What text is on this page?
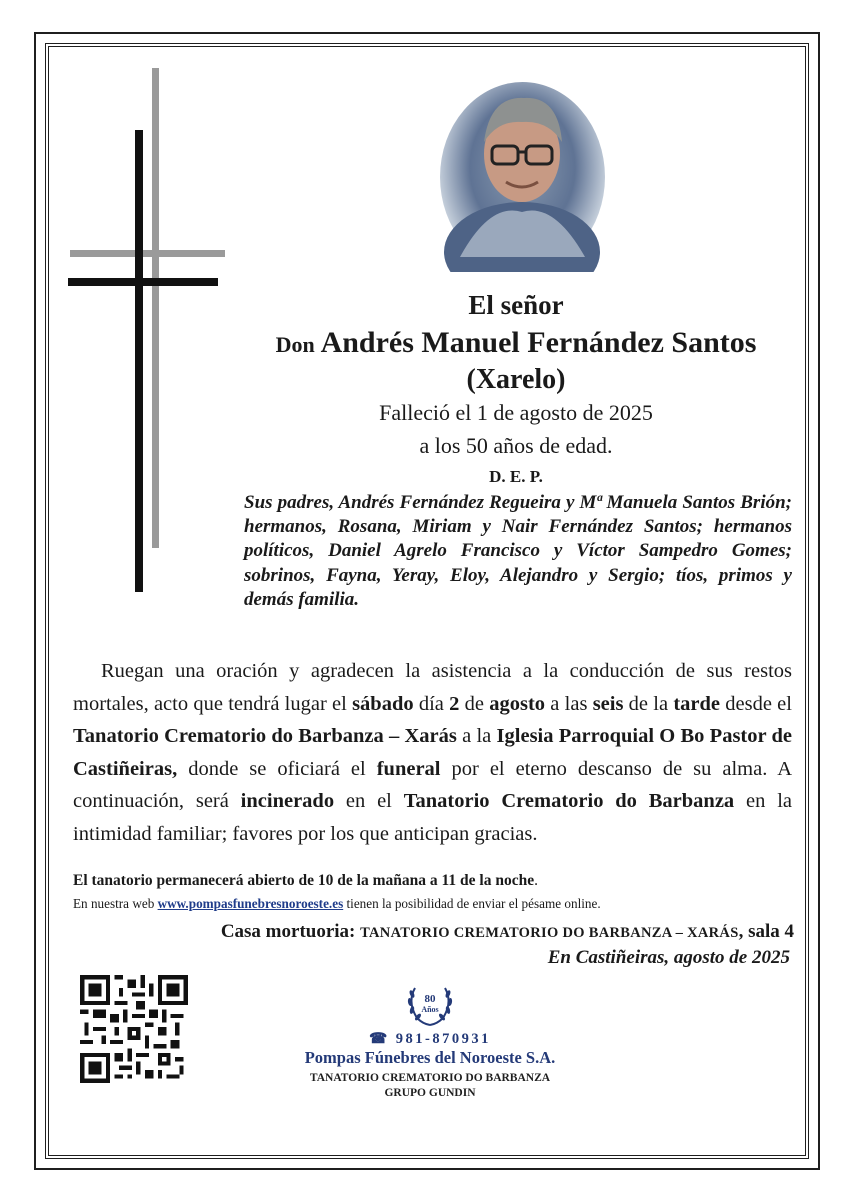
El señor
Don Andrés Manuel Fernández Santos
(Xarelo)
Falleció el 1 de agosto de 2025
a los 50 años de edad.
D. E. P.
Sus padres, Andrés Fernández Regueira y Mª Manuela Santos Brión; hermanos, Rosana, Miriam y Nair Fernández Santos; hermanos políticos, Daniel Agrelo Francisco y Víctor Sampedro Gomes; sobrinos, Fayna, Yeray, Eloy, Alejandro y Sergio; tíos, primos y demás familia.
Ruegan una oración y agradecen la asistencia a la conducción de sus restos mortales, acto que tendrá lugar el sábado día 2 de agosto a las seis de la tarde desde el Tanatorio Crematorio do Barbanza – Xarás a la Iglesia Parroquial O Bo Pastor de Castiñeiras, donde se oficiará el funeral por el eterno descanso de su alma. A continuación, será incinerado en el Tanatorio Crematorio do Barbanza en la intimidad familiar; favores por los que anticipan gracias.
El tanatorio permanecerá abierto de 10 de la mañana a 11 de la noche.
En nuestra web www.pompasfunebresnoroeste.es tienen la posibilidad de enviar el pésame online.
Casa mortuoria: TANATORIO CREMATORIO DO BARBANZA – XARÁS, sala 4
En Castiñeiras, agosto de 2025
80
Años
☎ 981-870931
Pompas Fúnebres del Noroeste S.A.
TANATORIO CREMATORIO DO BARBANZA
GRUPO GUNDIN
